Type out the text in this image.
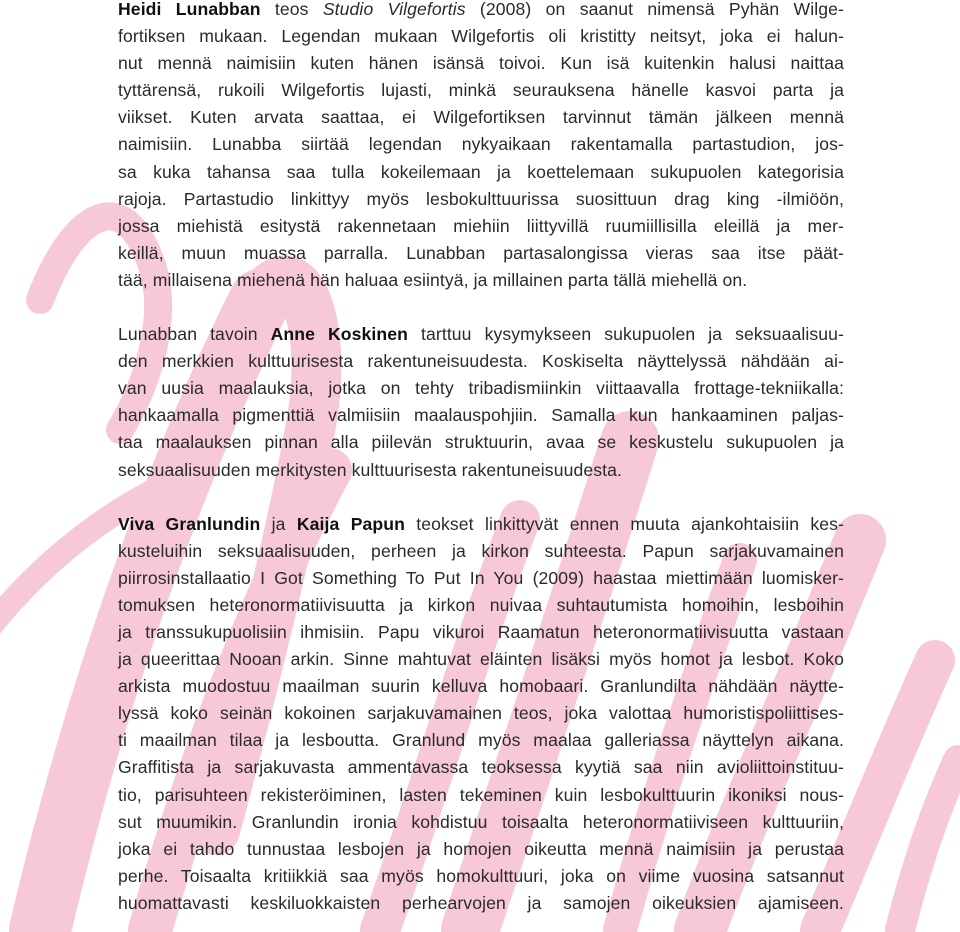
Heidi Lunabban teos Studio Vilgefortis (2008) on saanut nimensä Pyhän Wilge-
fortiksen mukaan. Legendan mukaan Wilgefortis oli kristitty neitsyt, joka ei halun-
nut mennä naimisiin kuten hänen isänsä toivoi. Kun isä kuitenkin halusi naittaa
tyttärensä, rukoili Wilgefortis lujasti, minkä seurauksena hänelle kasvoi parta ja
viikset. Kuten arvata saattaa, ei Wilgefortiksen tarvinnut tämän jälkeen mennä
naimisiin. Lunabba siirtää legendan nykyaikaan rakentamalla partastudion, jos-
sa kuka tahansa saa tulla kokeilemaan ja koettelemaan sukupuolen kategorisia
rajoja. Partastudio linkittyy myös lesbokulttuurissa suosittuun drag king -ilmiöön,
jossa miehistä esitystä rakennetaan miehiin liittyvillä ruumiillisilla eleillä ja mer-
keillä, muun muassa parralla. Lunabban partasalongissa vieras saa itse päät-
tää, millaisena miehenä hän haluaa esiintyä, ja millainen parta tällä miehellä on.
Lunabban tavoin Anne Koskinen tarttuu kysymykseen sukupuolen ja seksuaalisuu-
den merkkien kulttuurisesta rakentuneisuudesta. Koskiselta näyttelyssä nähdään ai-
van uusia maalauksia, jotka on tehty tribadismiinkin viittaavalla frottage-tekniikalla:
hankaamalla pigmenttiä valmiisiin maalauspohjiin. Samalla kun hankaaminen paljas-
taa maalauksen pinnan alla piilevän struktuurin, avaa se keskustelu sukupuolen ja
seksuaalisuuden merkitysten kulttuurisesta rakentuneisuudesta.
Viva Granlundin ja Kaija Papun teokset linkittyvät ennen muuta ajankohtaisiin kes-
kusteluihin seksuaalisuuden, perheen ja kirkon suhteesta. Papun sarjakuvamainen
piirrosinstallaatio I Got Something To Put In You (2009) haastaa miettimään luomisker-
tomuksen heteronormatiivisuutta ja kirkon nuivaa suhtautumista homoihin, lesboihin
ja transsukupuolisiin ihmisiin. Papu vikuroi Raamatun heteronormatiivisuutta vastaan
ja queerittaa Nooan arkin. Sinne mahtuvat eläinten lisäksi myös homot ja lesbot. Koko
arkista muodostuu maailman suurin kelluva homobaari. Granlundilta nähdään näytte-
lyssä koko seinän kokoinen sarjakuvamainen teos, joka valottaa humoristispoliittises-
ti maailman tilaa ja lesboutta. Granlund myös maalaa galleriassa näyttelyn aikana.
Graffitista ja sarjakuvasta ammentavassa teoksessa kyytiä saa niin avioliittoinstituu-
tio, parisuhteen rekisteröiminen, lasten tekeminen kuin lesbokulttuurin ikoniksi nous-
sut muumikin. Granlundin ironia kohdistuu toisaalta heteronormatiiviseen kulttuuriin,
joka ei tahdo tunnustaa lesbojen ja homojen oikeutta mennä naimisiin ja perustaa
perhe. Toisaalta kritiikkiä saa myös homokulttuuri, joka on viime vuosina satsannut
huomattavasti keskiluokkaisten perhearvojen ja samojen oikeuksien ajamiseen.
